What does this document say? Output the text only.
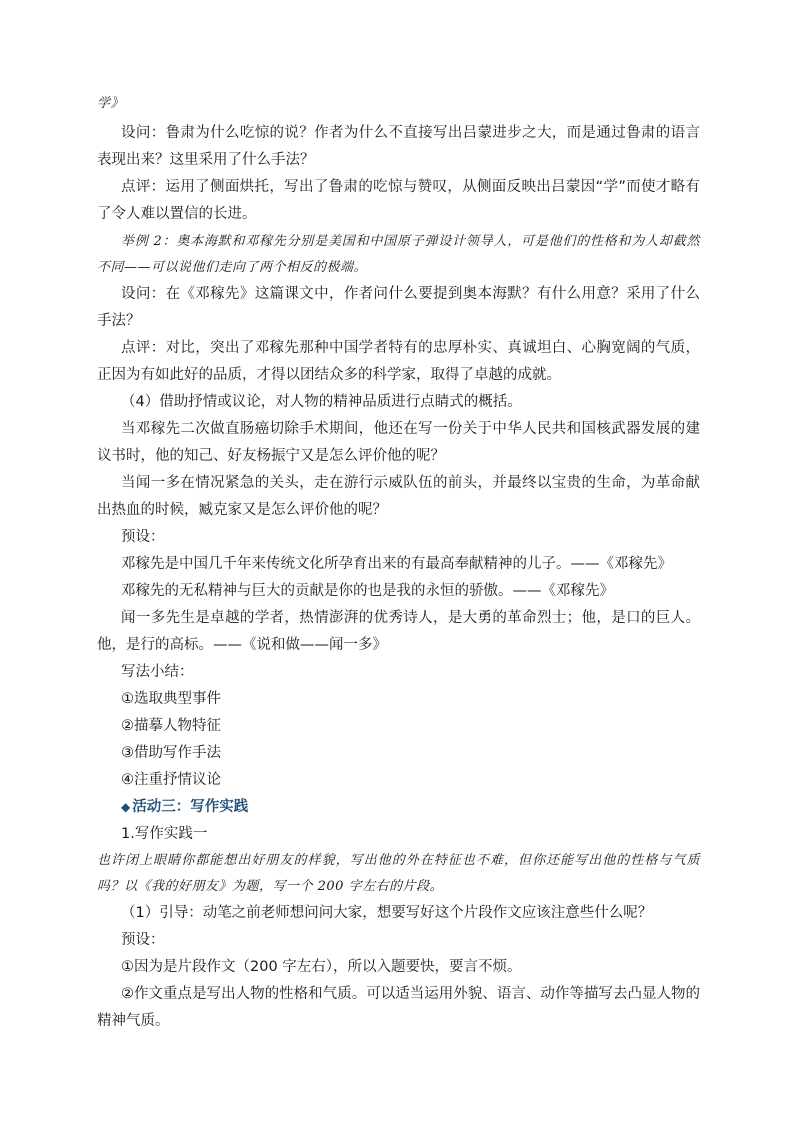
学》
设问：鲁肃为什么吃惊的说？作者为什么不直接写出吕蒙进步之大，而是通过鲁肃的语言表现出来？这里采用了什么手法？
点评：运用了侧面烘托，写出了鲁肃的吃惊与赞叹，从侧面反映出吕蒙因“学”而使才略有了令人难以置信的长进。
举例 2：奥本海默和邓稼先分别是美国和中国原子弹设计领导人，可是他们的性格和为人却截然不同——可以说他们走向了两个相反的极端。
设问：在《邓稼先》这篇课文中，作者问什么要提到奥本海默？有什么用意？采用了什么手法？
点评：对比，突出了邓稼先那种中国学者特有的忠厚朴实、真诚坦白、心胸宽阔的气质，正因为有如此好的品质，才得以团结众多的科学家，取得了卓越的成就。
（4）借助抒情或议论，对人物的精神品质进行点睛式的概括。
当邓稼先二次做直肠癌切除手术期间，他还在写一份关于中华人民共和国核武器发展的建议书时，他的知己、好友杨振宁又是怎么评价他的呢？
当闻一多在情况紧急的关头，走在游行示威队伍的前头，并最终以宝贵的生命，为革命献出热血的时候，臧克家又是怎么评价他的呢？
预设：
邓稼先是中国几千年来传统文化所孕育出来的有最高奉献精神的儿子。——《邓稼先》
邓稼先的无私精神与巨大的贡献是你的也是我的永恒的骄傲。——《邓稼先》
闻一多先生是卓越的学者，热情澎湃的优秀诗人，是大勇的革命烈士；他，是口的巨人。他，是行的高标。——《说和做——闻一多》
写法小结：
①选取典型事件
②描摹人物特征
③借助写作手法
④注重抒情议论
◆ 活动三：写作实践
1.写作实践一
也许闭上眼睛你都能想出好朋友的样貌，写出他的外在特征也不难，但你还能写出他的性格与气质吗？以《我的好朋友》为题，写一个 200 字左右的片段。
（1）引导：动笔之前老师想问问大家，想要写好这个片段作文应该注意些什么呢？
预设：
①因为是片段作文（200 字左右），所以入题要快，要言不烦。
②作文重点是写出人物的性格和气质。可以适当运用外貌、语言、动作等描写去凸显人物的精神气质。
